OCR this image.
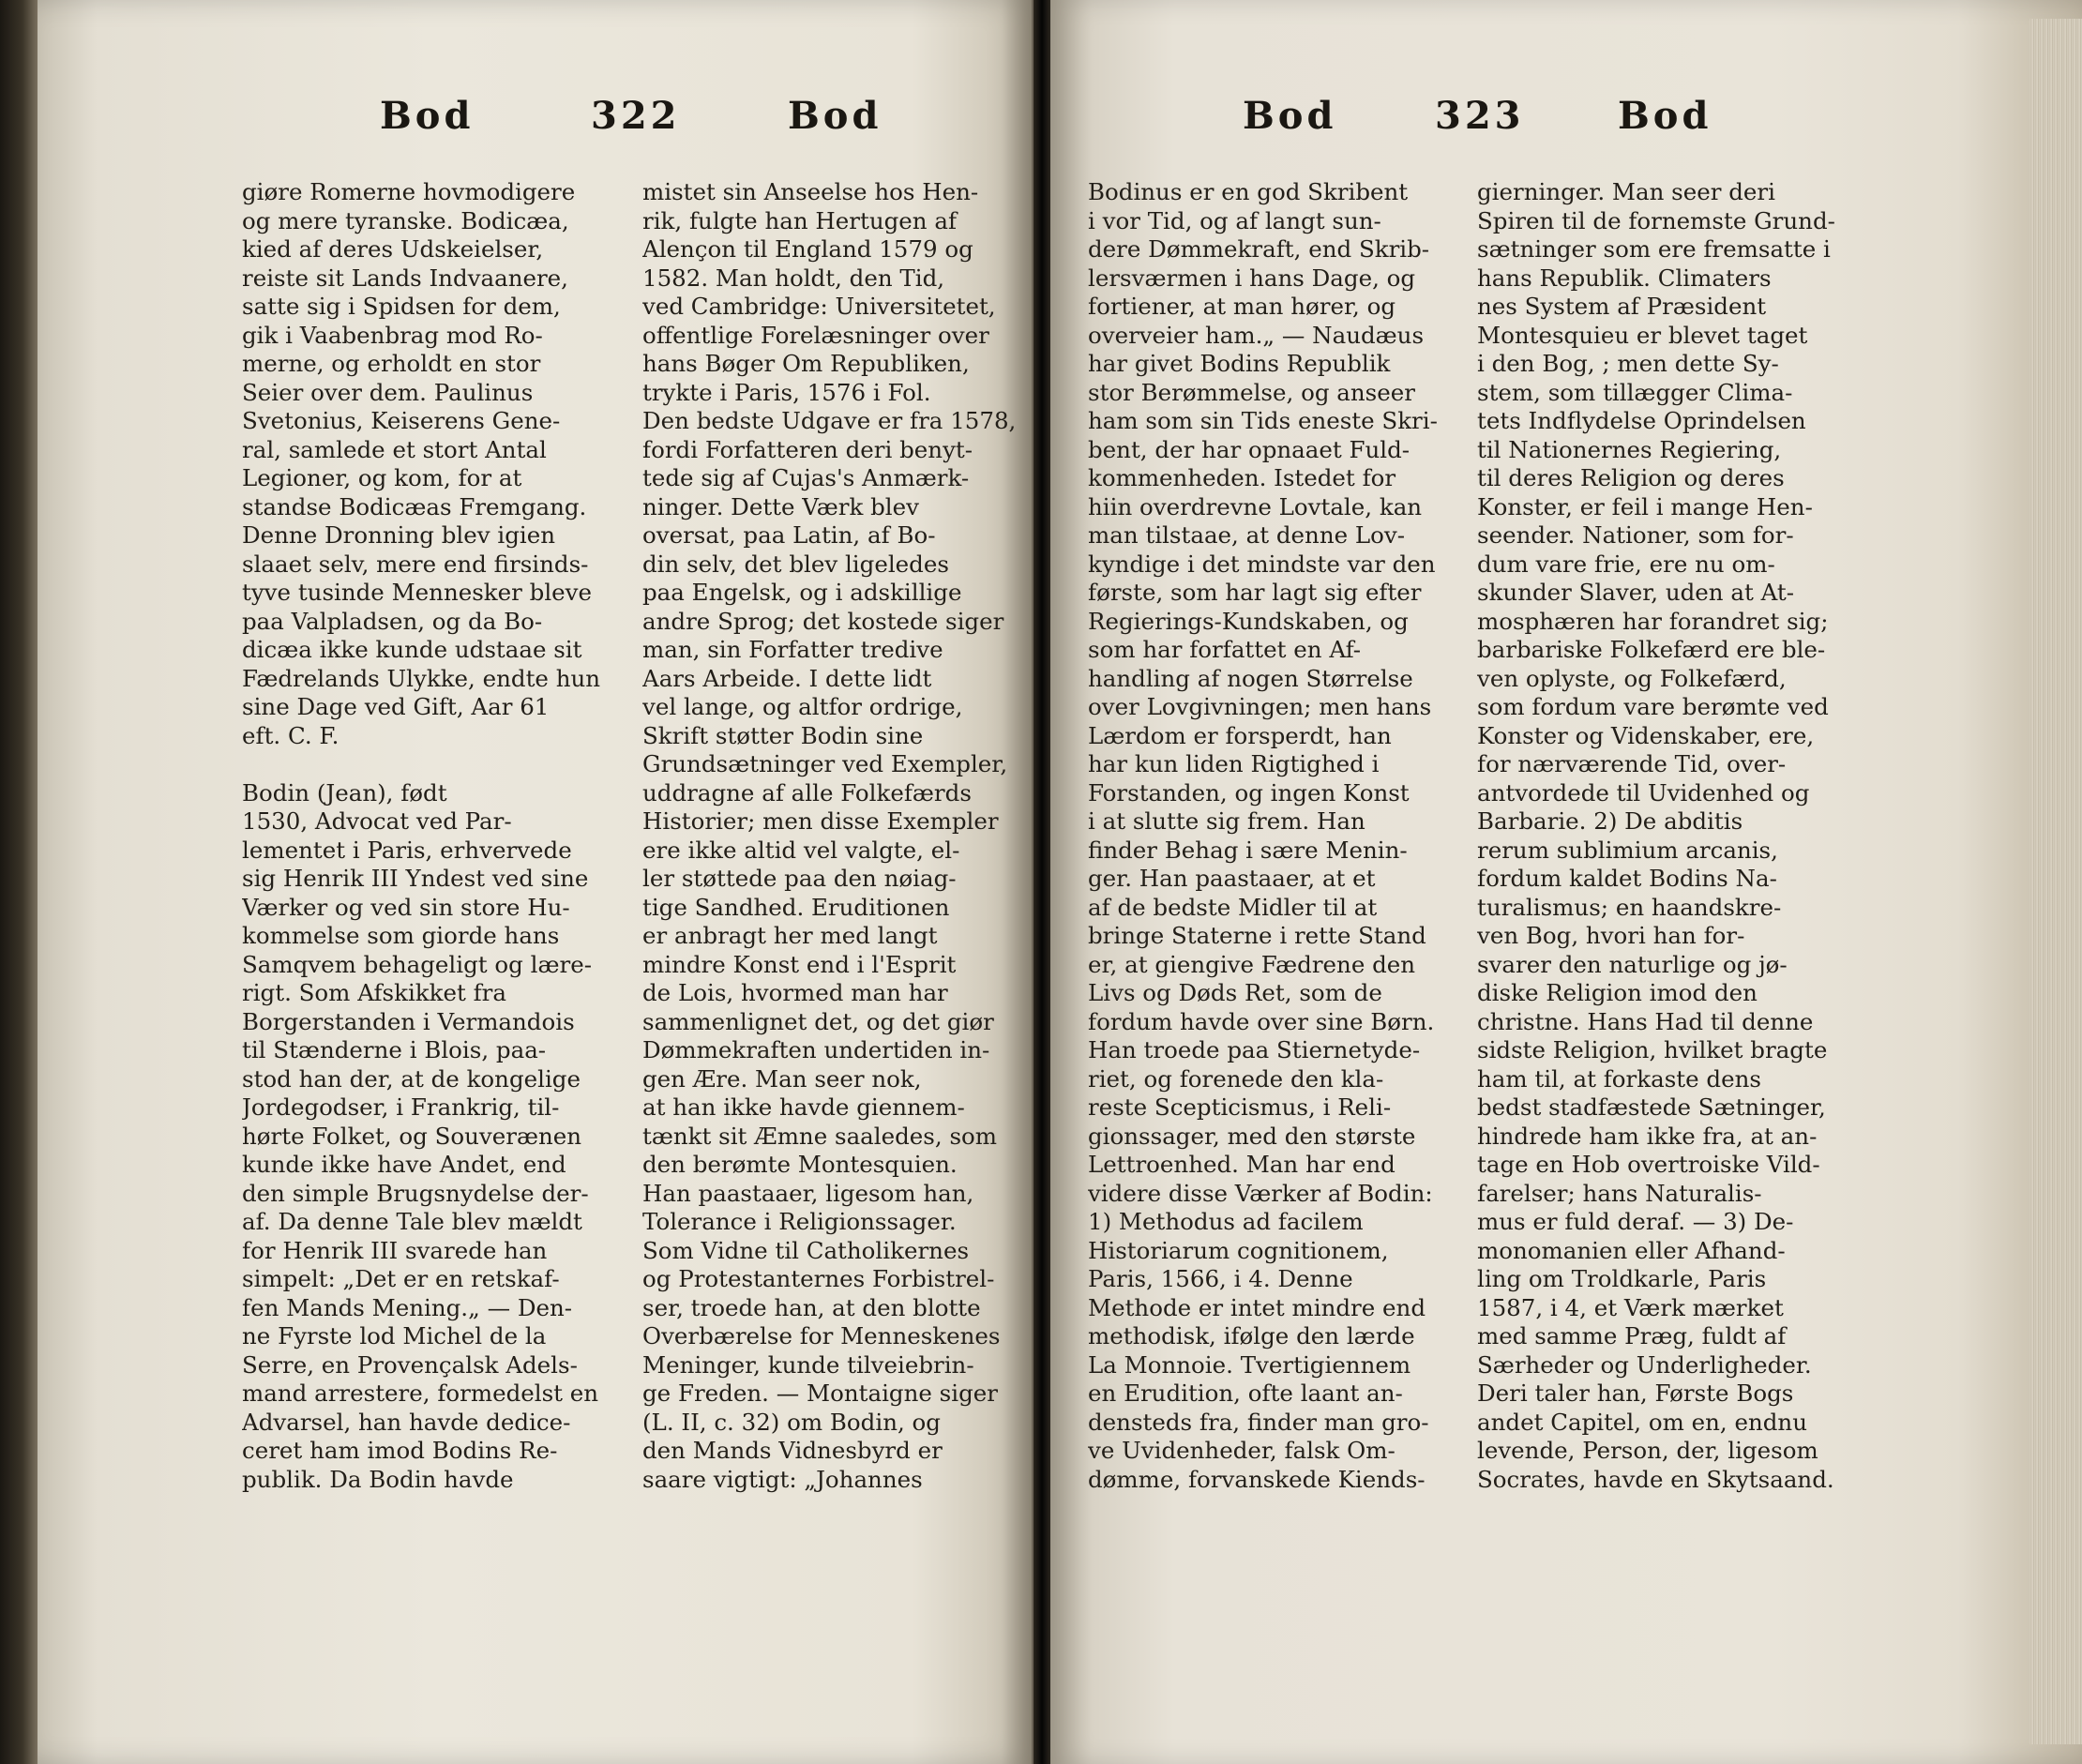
Bod	322	Bod
giøre Romerne hovmodigere
og mere tyranske. Bodicæa,
kied af deres Udskeielser,
reiste sit Lands Indvaanere,
satte sig i Spidsen for dem,
gik i Vaabenbrag mod Ro-
merne, og erholdt en stor
Seier over dem. Paulinus
Svetonius, Keiserens Gene-
ral, samlede et stort Antal
Legioner, og kom, for at
standse Bodicæas Fremgang.
Denne Dronning blev igien
slaaet selv, mere end firsinds-
tyve tusinde Mennesker bleve
paa Valpladsen, og da Bo-
dicæa ikke kunde udstaae sit
Fædrelands Ulykke, endte hun
sine Dage ved Gift, Aar 61
eft. C. F.
Bodin (Jean), født
1530, Advocat ved Par-
lementet i Paris, erhvervede
sig Henrik III Yndest ved sine
Værker og ved sin store Hu-
kommelse som giorde hans
Samqvem behageligt og lære-
rigt. Som Afskikket fra
Borgerstanden i Vermandois
til Stænderne i Blois, paa-
stod han der, at de kongelige
Jordegodser, i Frankrig, til-
hørte Folket, og Souverænen
kunde ikke have Andet, end
den simple Brugsnydelse der-
af. Da denne Tale blev mældt
for Henrik III svarede han
simpelt: „Det er en retskaf-
fen Mands Mening.„ — Den-
ne Fyrste lod Michel de la
Serre, en Provençalsk Adels-
mand arrestere, formedelst en
Advarsel, han havde dedice-
ceret ham imod Bodins Re-
publik. Da Bodin havde
mistet sin Anseelse hos Hen-
rik, fulgte han Hertugen af
Alençon til England 1579 og
1582. Man holdt, den Tid,
ved Cambridge: Universitetet,
offentlige Forelæsninger over
hans Bøger Om Republiken,
trykte i Paris, 1576 i Fol.
Den bedste Udgave er fra 1578,
fordi Forfatteren deri benyt-
tede sig af Cujas's Anmærk-
ninger. Dette Værk blev
oversat, paa Latin, af Bo-
din selv, det blev ligeledes
paa Engelsk, og i adskillige
andre Sprog; det kostede siger
man, sin Forfatter tredive
Aars Arbeide. I dette lidt
vel lange, og altfor ordrige,
Skrift støtter Bodin sine
Grundsætninger ved Exempler,
uddragne af alle Folkefærds
Historier; men disse Exempler
ere ikke altid vel valgte, el-
ler støttede paa den nøiag-
tige Sandhed. Eruditionen
er anbragt her med langt
mindre Konst end i l'Esprit
de Lois, hvormed man har
sammenlignet det, og det giør
Dømmekraften undertiden in-
gen Ære. Man seer nok,
at han ikke havde giennem-
tænkt sit Æmne saaledes, som
den berømte Montesquien.
Han paastaaer, ligesom han,
Tolerance i Religionssager.
Som Vidne til Catholikernes
og Protestanternes Forbistrel-
ser, troede han, at den blotte
Overbærelse for Menneskenes
Meninger, kunde tilveiebrin-
ge Freden. — Montaigne siger
(L. II, c. 32) om Bodin, og
den Mands Vidnesbyrd er
saare vigtigt: „Johannes
Bod	323 Bod
Bodinus er en god Skribent
i vor Tid, og af langt sun-
dere Dømmekraft, end Skrib-
lersværmen i hans Dage, og
fortiener, at man hører, og
overveier ham.„ — Naudæus
har givet Bodins Republik
stor Berømmelse, og anseer
ham som sin Tids eneste Skri-
bent, der har opnaaet Fuld-
kommenheden. Istedet for
hiin overdrevne Lovtale, kan
man tilstaae, at denne Lov-
kyndige i det mindste var den
første, som har lagt sig efter
Regierings-Kundskaben, og
som har forfattet en Af-
handling af nogen Størrelse
over Lovgivningen; men hans
Lærdom er forsperdt, han
har kun liden Rigtighed i
Forstanden, og ingen Konst
i at slutte sig frem. Han
finder Behag i sære Menin-
ger. Han paastaaer, at et
af de bedste Midler til at
bringe Staterne i rette Stand
er, at giengive Fædrene den
Livs og Døds Ret, som de
fordum havde over sine Børn.
Han troede paa Stiernetyde-
riet, og forenede den kla-
reste Scepticismus, i Reli-
gionssager, med den største
Lettroenhed. Man har end
videre disse Værker af Bodin:
1) Methodus ad facilem
Historiarum cognitionem,
Paris, 1566, i 4. Denne
Methode er intet mindre end
methodisk, ifølge den lærde
La Monnoie. Tvertigiennem
en Erudition, ofte laant an-
densteds fra, finder man gro-
ve Uvidenheder, falsk Om-
dømme, forvanskede Kiends-
gierninger. Man seer deri
Spiren til de fornemste Grund-
sætninger som ere fremsatte i
hans Republik. Climaters
nes System af Præsident
Montesquieu er blevet taget
i den Bog, ; men dette Sy-
stem, som tillægger Clima-
tets Indflydelse Oprindelsen
til Nationernes Regiering,
til deres Religion og deres
Konster, er feil i mange Hen-
seender. Nationer, som for-
dum vare frie, ere nu om-
skunder Slaver, uden at At-
mosphæren har forandret sig;
barbariske Folkefærd ere ble-
ven oplyste, og Folkefærd,
som fordum vare berømte ved
Konster og Videnskaber, ere,
for nærværende Tid, over-
antvordede til Uvidenhed og
Barbarie. 2) De abditis
rerum sublimium arcanis,
fordum kaldet Bodins Na-
turalismus; en haandskre-
ven Bog, hvori han for-
svarer den naturlige og jø-
diske Religion imod den
christne. Hans Had til denne
sidste Religion, hvilket bragte
ham til, at forkaste dens
bedst stadfæstede Sætninger,
hindrede ham ikke fra, at an-
tage en Hob overtroiske Vild-
farelser; hans Naturalis-
mus er fuld deraf. — 3) De-
monomanien eller Afhand-
ling om Troldkarle, Paris
1587, i 4, et Værk mærket
med samme Præg, fuldt af
Særheder og Underligheder.
Deri taler han, Første Bogs
andet Capitel, om en, endnu
levende, Person, der, ligesom
Socrates, havde en Skytsaand.
